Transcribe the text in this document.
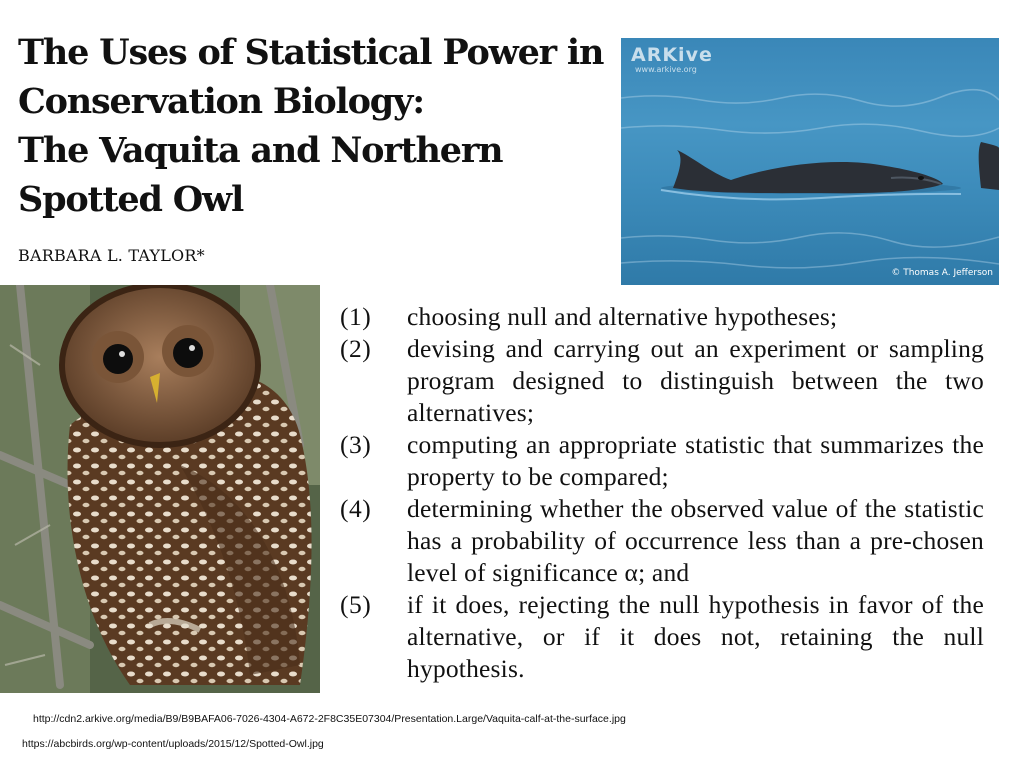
The Uses of Statistical Power in
Conservation Biology:
The Vaquita and Northern
Spotted Owl
BARBARA L. TAYLOR*
ARKive
www.arkive.org
© Thomas A. Jefferson
(1)	choosing null and alternative hypotheses;
(2)	devising and carrying out an experiment or sampling program designed to distinguish between the two alternatives;
(3)	computing an appropriate statistic that summarizes the property to be compared;
(4)	determining whether the observed value of the statistic has a probability of occurrence less than a pre-chosen level of significance α; and
(5)	if it does, rejecting the null hypothesis in favor of the alternative, or if it does not, retaining the null hypothesis.
http://cdn2.arkive.org/media/B9/B9BAFA06-7026-4304-A672-2F8C35E07304/Presentation.Large/Vaquita-calf-at-the-surface.jpg
https://abcbirds.org/wp-content/uploads/2015/12/Spotted-Owl.jpg
